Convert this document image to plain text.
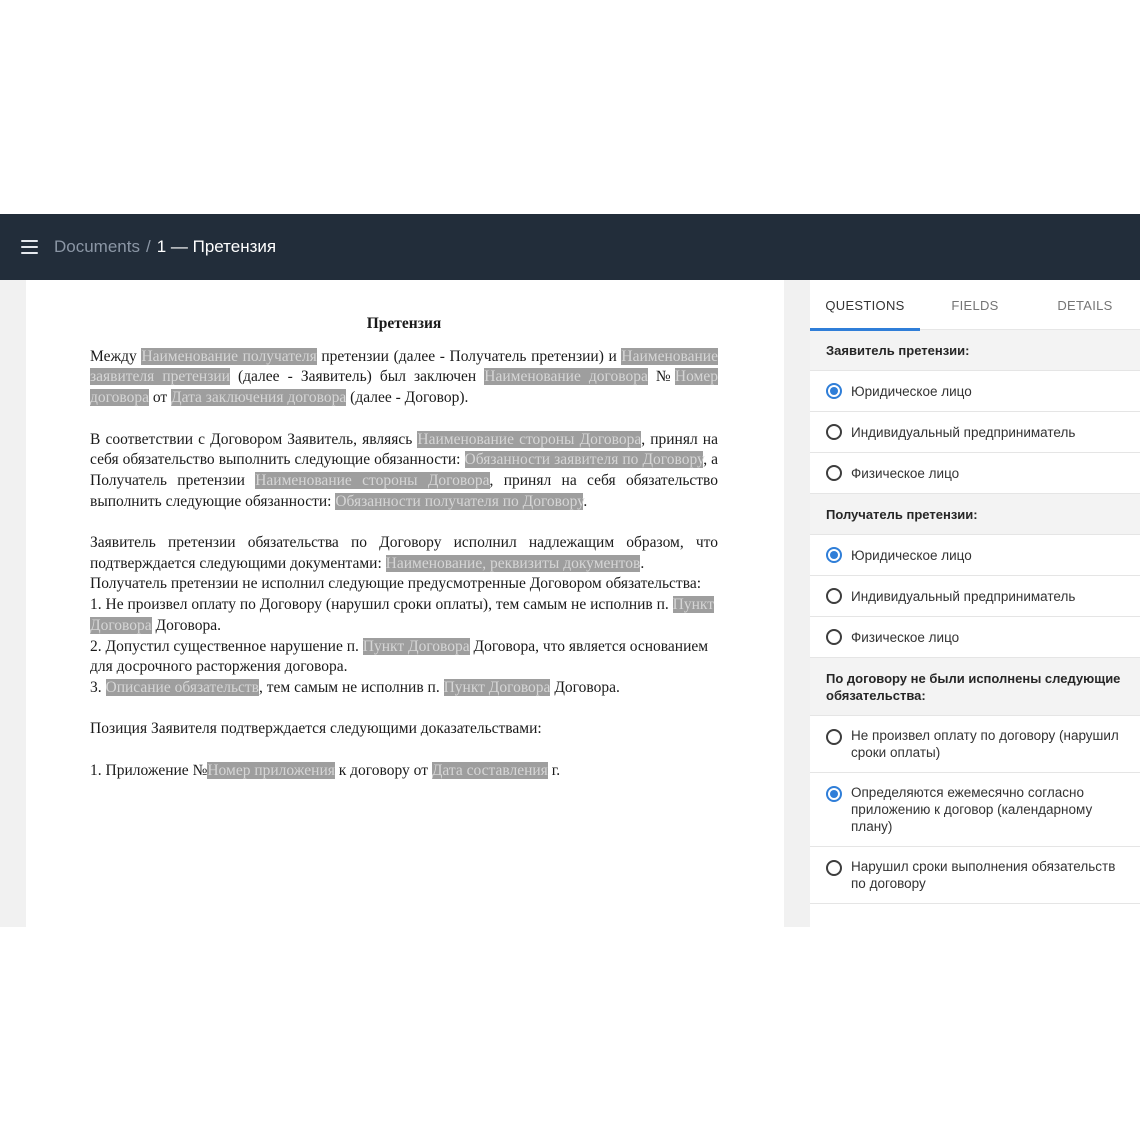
Documents / 1 — Претензия
Претензия

Между Наименование получателя претензии (далее - Получатель претензии) и Наименование заявителя претензии (далее - Заявитель) был заключен Наименование договора №Номер договора от Дата заключения договора (далее - Договор).

В соответствии с Договором Заявитель, являясь Наименование стороны Договора, принял на себя обязательство выполнить следующие обязанности: Обязанности заявителя по Договору, а Получатель претензии Наименование стороны Договора, принял на себя обязательство выполнить следующие обязанности: Обязанности получателя по Договору.

Заявитель претензии обязательства по Договору исполнил надлежащим образом, что подтверждается следующими документами: Наименование, реквизиты документов.

Получатель претензии не исполнил следующие предусмотренные Договором обязательства:

1. Не произвел оплату по Договору (нарушил сроки оплаты), тем самым не исполнив п. Пункт Договора Договора.

2. Допустил существенное нарушение п. Пункт Договора Договора, что является основанием для досрочного расторжения договора.

3. Описание обязательств, тем самым не исполнив п. Пункт Договора Договора.

Позиция Заявителя подтверждается следующими доказательствами:

1. Приложение №Номер приложения к договору от Дата составления г.

QUESTIONS	FIELDS	DETAILS
Заявитель претензии:
Юридическое лицо
Индивидуальный предприниматель
Физическое лицо
Получатель претензии:
Юридическое лицо
Индивидуальный предприниматель
Физическое лицо
По договору не были исполнены следующие обязательства:
Не произвел оплату по договору (нарушил сроки оплаты)
Определяются ежемесячно согласно приложению к договор (календарному плану)
Нарушил сроки выполнения обязательств по договору
